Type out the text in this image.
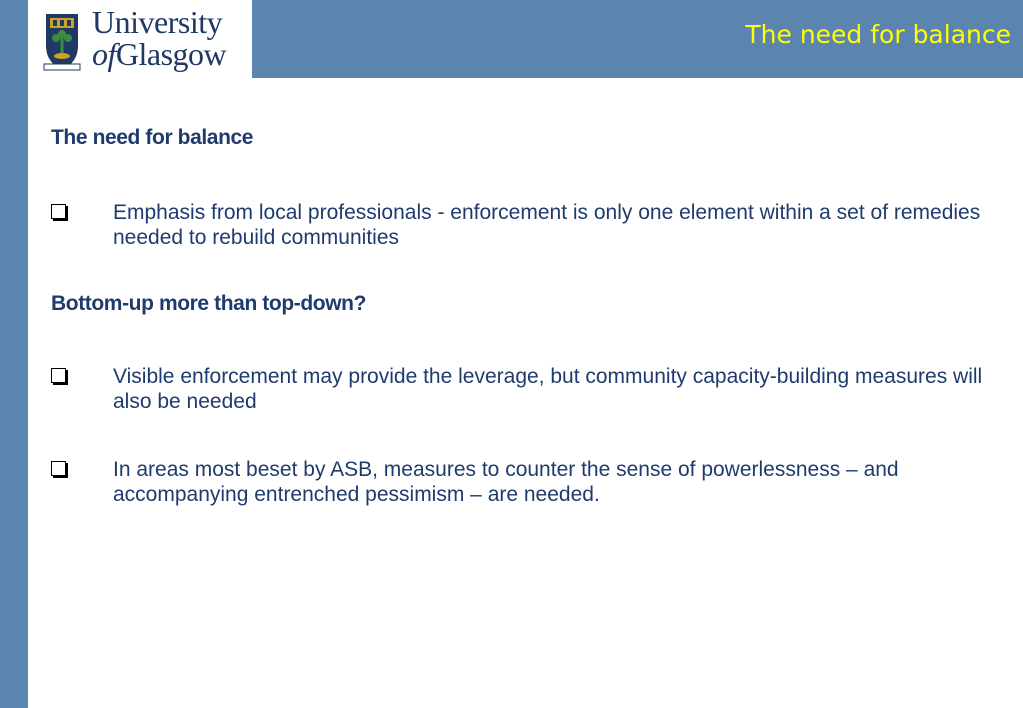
University
ofGlasgow
The need for balance
The need for balance
Emphasis from local professionals - enforcement is only one element within a set of remedies needed to rebuild communities
Bottom-up more than top-down?
Visible enforcement may provide the leverage, but community capacity-building measures will also be needed
In areas most beset by ASB, measures to counter the sense of powerlessness – and accompanying entrenched pessimism – are needed.
